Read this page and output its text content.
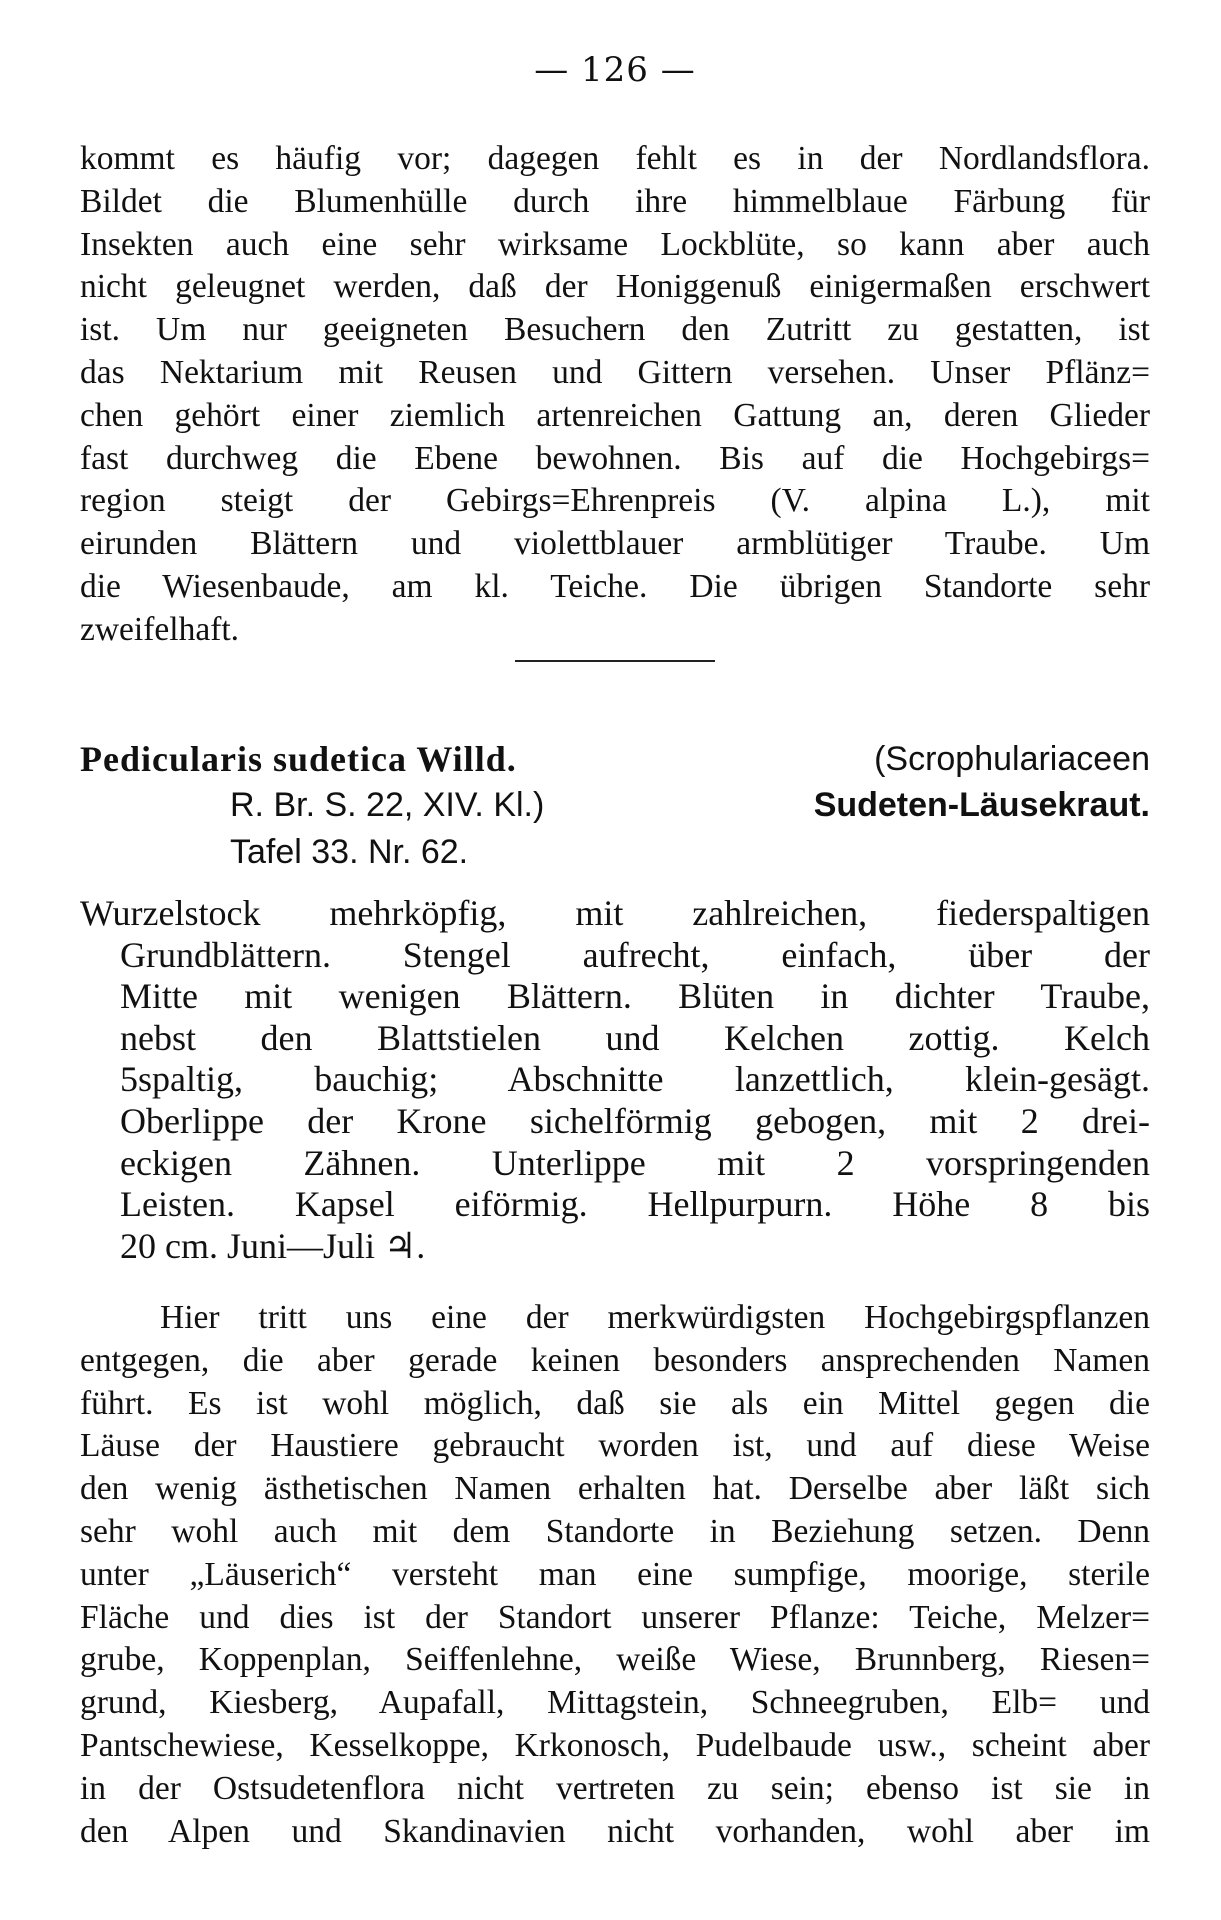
— 126 —
kommt es häufig vor; dagegen fehlt es in der Nordlandsflora.
Bildet die Blumenhülle durch ihre himmelblaue Färbung für
Insekten auch eine sehr wirksame Lockblüte, so kann aber auch
nicht geleugnet werden, daß der Honiggenuß einigermaßen erschwert
ist. Um nur geeigneten Besuchern den Zutritt zu gestatten, ist
das Nektarium mit Reusen und Gittern versehen. Unser Pflänz=
chen gehört einer ziemlich artenreichen Gattung an, deren Glieder
fast durchweg die Ebene bewohnen. Bis auf die Hochgebirgs=
region steigt der Gebirgs=Ehrenpreis (V. alpina L.), mit
eirunden Blättern und violettblauer armblütiger Traube. Um
die Wiesenbaude, am kl. Teiche. Die übrigen Standorte sehr
zweifelhaft.
Pedicularis sudetica Willd.	(Scrophulariaceen
R. Br. S. 22, XIV. Kl.)	Sudeten-Läusekraut.
Tafel 33. Nr. 62.
Wurzelstock mehrköpfig, mit zahlreichen, fiederspaltigen
Grundblättern. Stengel aufrecht, einfach, über der
Mitte mit wenigen Blättern. Blüten in dichter Traube,
nebst den Blattstielen und Kelchen zottig. Kelch
5spaltig, bauchig; Abschnitte lanzettlich, klein-gesägt.
Oberlippe der Krone sichelförmig gebogen, mit 2 drei-
eckigen Zähnen. Unterlippe mit 2 vorspringenden
Leisten. Kapsel eiförmig. Hellpurpurn. Höhe 8 bis
20 cm. Juni—Juli ♃.
Hier tritt uns eine der merkwürdigsten Hochgebirgspflanzen
entgegen, die aber gerade keinen besonders ansprechenden Namen
führt. Es ist wohl möglich, daß sie als ein Mittel gegen die
Läuse der Haustiere gebraucht worden ist, und auf diese Weise
den wenig ästhetischen Namen erhalten hat. Derselbe aber läßt sich
sehr wohl auch mit dem Standorte in Beziehung setzen. Denn
unter „Läuserich“ versteht man eine sumpfige, moorige, sterile
Fläche und dies ist der Standort unserer Pflanze: Teiche, Melzer=
grube, Koppenplan, Seiffenlehne, weiße Wiese, Brunnberg, Riesen=
grund, Kiesberg, Aupafall, Mittagstein, Schneegruben, Elb= und
Pantschewiese, Kesselkoppe, Krkonosch, Pudelbaude usw., scheint aber
in der Ostsudetenflora nicht vertreten zu sein; ebenso ist sie in
den Alpen und Skandinavien nicht vorhanden, wohl aber im
